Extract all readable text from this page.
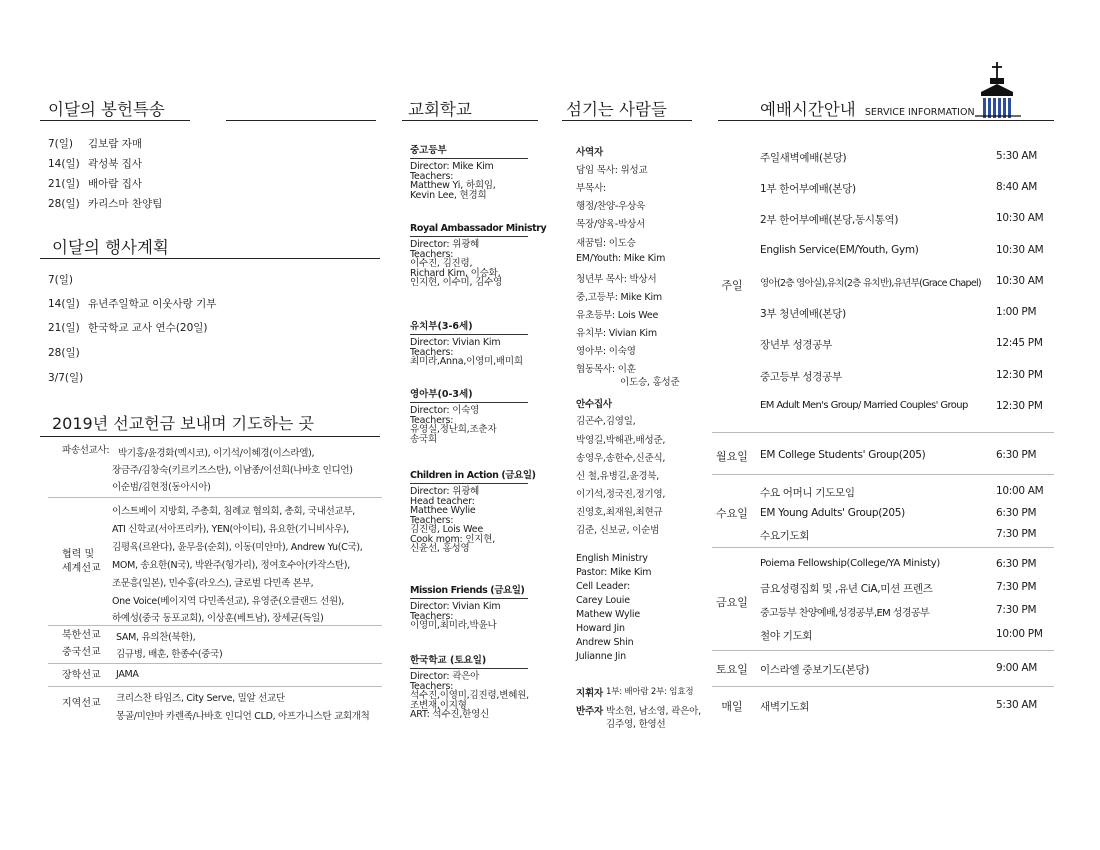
이달의 봉헌특송
7(일) 김보람 자매
14(일) 곽성북 집사
21(일) 배아람 집사
28(일) 카리스마 찬양팀
이달의 행사계획
7(일)
14(일) 유년주일학교 이웃사랑 기부
21(일) 한국학교 교사 연수(20일)
28(일)
3/7(일)
2019년 선교헌금 보내며 기도하는 곳
파송선교사: 박기홍/윤경화(멕시코), 이기석/이혜경(이스라엘),
장금주/김창숙(키르키즈스탄), 이남종/이선희(나바호 인디언)
이순범/김현정(동아시아)
협력 및
세계선교
이스트베이 지방회, 주총회, 침례교 협의회, 총회, 국내선교부,
ATI 신학교(서아프리카), YEN(아이티), 유요한(기니비사우),
김평육(르완다), 윤무응(순회), 이동(미안마), Andrew Yu(C국),
MOM, 송요한(N국), 박완주(헝가리), 정여호수아(카작스탄),
조문흥(일본), 민수홍(라오스), 글로벌 다민족 본부,
One Voice(베이지역 다민족선교), 유영준(오클랜드 선원),
하예성(중국 동포교회), 이상훈(베트남), 장세균(독일)
북한선교 SAM, 유의찬(북한),
중국선교 김규병, 배훈, 한종수(중국)
장학선교 JAMA
지역선교 크리스찬 타임즈, City Serve, 밀알 선교단
몽골/미얀마 카렌족/나바호 인디언 CLD, 아프가니스탄 교회개척
교회학교
중고등부
Director: Mike Kim
Teachers:
Matthew Yi, 하희임,
Kevin Lee, 현경희
Royal Ambassador Ministry
Director: 위광혜
Teachers:
이수진, 김진령,
Richard Kim, 이승화,
인지현, 이수미, 김수영
유치부(3-6세)
Director: Vivian Kim
Teachers:
최미라,Anna,이영미,배미희
영아부(0-3세)
Director: 이숙영
Teachers:
유영실,정난희,조춘자
송국희
Children in Action (금요일)
Director: 위광혜
Head teacher:
Matthee Wylie
Teachers:
김진령, Lois Wee
Cook mom: 인지현,
신윤선, 홍성영
Mission Friends (금요일)
Director: Vivian Kim
Teachers:
이영미,최미라,박윤나
한국학교 (토요일)
Director: 곽은아
Teachers:
석수진,이영미,김진령,변혜원,
조변재,이지형
ART: 석수진,한영신
섬기는 사람들
사역자
담임 목사: 위성교
부목사:
행정/찬양-우상욱
목장/양육-박상서
새꿈팀: 이도승
EM/Youth: Mike Kim
청년부 목사: 박상서
중,고등부: Mike Kim
유초등부: Lois Wee
유치부: Vivian Kim
영아부: 이숙영
협동목사: 이훈
이도승, 홍성준
안수집사
김곤수,김영일,
박영길,박해관,배성준,
송영우,송한수,신준식,
신 철,유병길,윤경북,
이기석,정국진,정기영,
진영호,최재원,최현규
김준, 신보균, 이순범
English Ministry
Pastor: Mike Kim
Cell Leader:
Carey Louie
Mathew Wylie
Howard Jin
Andrew Shin
Julianne Jin
지휘자 1부: 배아람 2부: 임효정
반주자 박소현, 남소영, 곽은아,
김주영, 한영선
예배시간안내 SERVICE INFORMATION
주일
주일새벽예배(본당)	5:30 AM
1부 한어부예배(본당)	8:40 AM
2부 한어부예배(본당,동시통역)	10:30 AM
English Service(EM/Youth, Gym)	10:30 AM
영아(2층 영아실),유치(2층 유치반),유년부(Grace Chapel) 10:30 AM
3부 청년예배(본당)	1:00 PM
장년부 성경공부	12:45 PM
중고등부 성경공부	12:30 PM
EM Adult Men's Group/ Married Couples' Group	12:30 PM
월요일	EM College Students' Group(205)	6:30 PM
수요일
수요 어머니 기도모임	10:00 AM
EM Young Adults' Group(205)	6:30 PM
수요기도회	7:30 PM
금요일
Poiema Fellowship(College/YA Ministy)	6:30 PM
금요성령집회 및 ,유년 CiA,미션 프렌즈	7:30 PM
중고등부 찬양예배,성경공부,EM 성경공부	7:30 PM
철야 기도회	10:00 PM
토요일	이스라엘 중보기도(본당)	9:00 AM
매일	새벽기도회	5:30 AM
